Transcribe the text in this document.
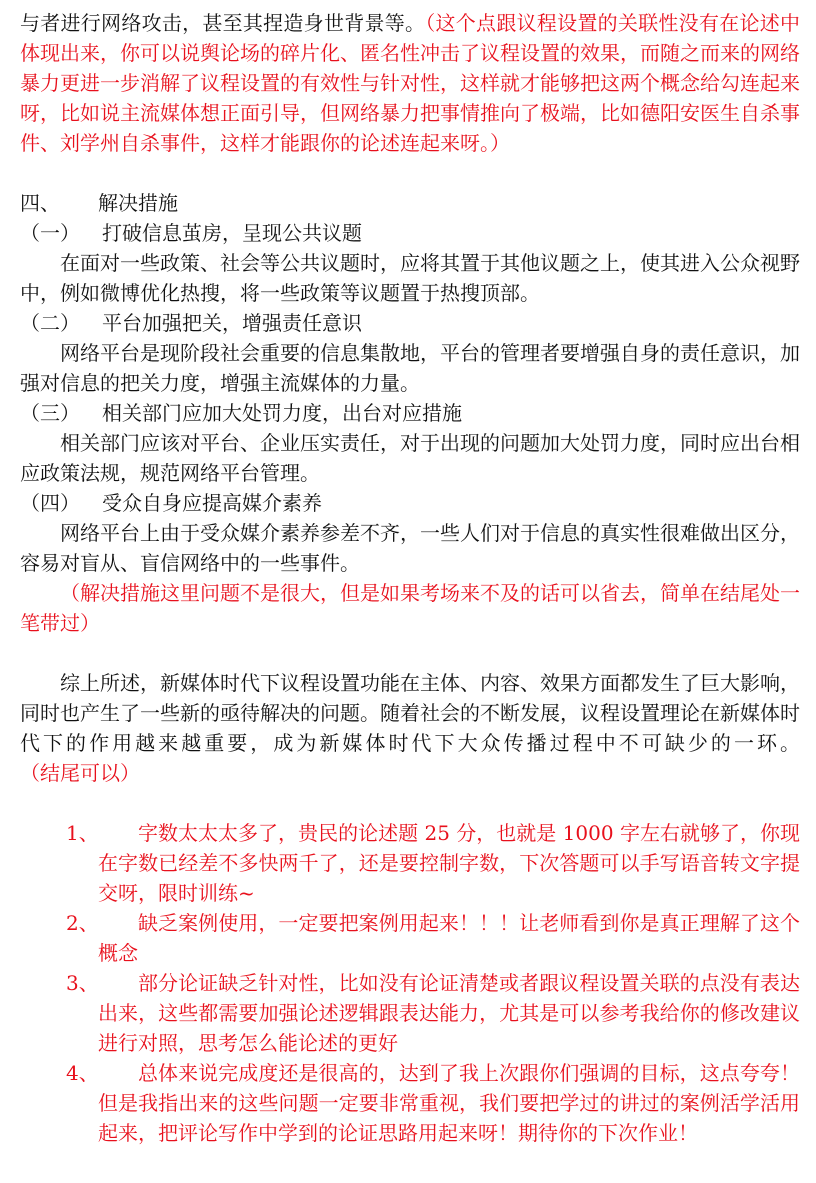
与者进行网络攻击，甚至其捏造身世背景等。（这个点跟议程设置的关联性没有在论述中体现出来，你可以说舆论场的碎片化、匿名性冲击了议程设置的效果，而随之而来的网络暴力更进一步消解了议程设置的有效性与针对性，这样就才能够把这两个概念给勾连起来呀，比如说主流媒体想正面引导，但网络暴力把事情推向了极端，比如德阳安医生自杀事件、刘学州自杀事件，这样才能跟你的论述连起来呀。）

四、 解决措施

（一） 打破信息茧房，呈现公共议题

在面对一些政策、社会等公共议题时，应将其置于其他议题之上，使其进入公众视野中，例如微博优化热搜，将一些政策等议题置于热搜顶部。

（二） 平台加强把关，增强责任意识

网络平台是现阶段社会重要的信息集散地，平台的管理者要增强自身的责任意识，加强对信息的把关力度，增强主流媒体的力量。

（三） 相关部门应加大处罚力度，出台对应措施

相关部门应该对平台、企业压实责任，对于出现的问题加大处罚力度，同时应出台相应政策法规，规范网络平台管理。

（四） 受众自身应提高媒介素养

网络平台上由于受众媒介素养参差不齐，一些人们对于信息的真实性很难做出区分，容易对盲从、盲信网络中的一些事件。

（解决措施这里问题不是很大，但是如果考场来不及的话可以省去，简单在结尾处一笔带过）

综上所述，新媒体时代下议程设置功能在主体、内容、效果方面都发生了巨大影响，同时也产生了一些新的亟待解决的问题。随着社会的不断发展，议程设置理论在新媒体时代下的作用越来越重要，成为新媒体时代下大众传播过程中不可缺少的一环。（结尾可以）

1、	字数太太太多了，贵民的论述题 25 分，也就是 1000 字左右就够了，你现在字数已经差不多快两千了，还是要控制字数，下次答题可以手写语音转文字提交呀，限时训练~

2、	缺乏案例使用，一定要把案例用起来！！！让老师看到你是真正理解了这个概念

3、	部分论证缺乏针对性，比如没有论证清楚或者跟议程设置关联的点没有表达出来，这些都需要加强论述逻辑跟表达能力，尤其是可以参考我给你的修改建议进行对照，思考怎么能论述的更好

4、	总体来说完成度还是很高的，达到了我上次跟你们强调的目标，这点夸夸！但是我指出来的这些问题一定要非常重视，我们要把学过的讲过的案例活学活用起来，把评论写作中学到的论证思路用起来呀！期待你的下次作业！
